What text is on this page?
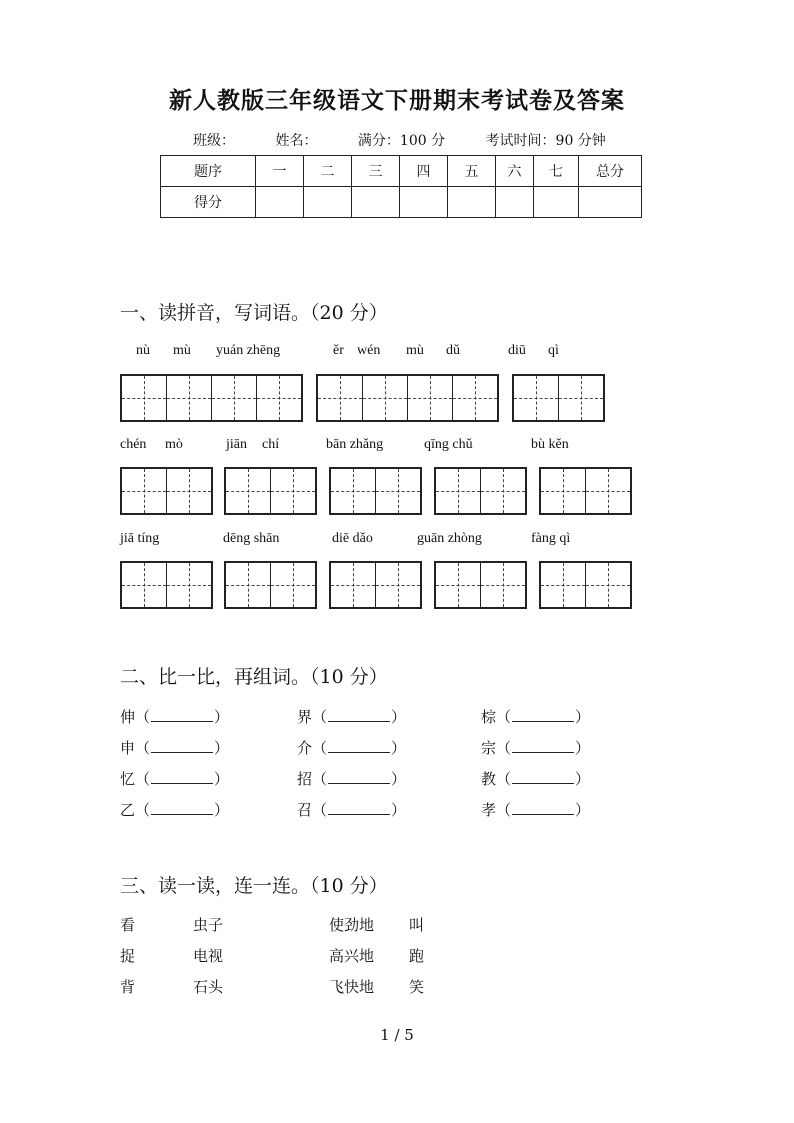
新人教版三年级语文下册期末考试卷及答案
班级：	姓名：	满分：100 分	考试时间：90 分钟
题序	一	二	三	四	五	六	七	总分
得分								
一、读拼音，写词语。（20 分）
nù mù yuán zhēng	ěr wén mù dǔ	diū qì
chén mò	jiān chí	bān zhǎng	qīng chǔ	bù kěn
jiā tíng	dēng shān	diē dǎo	guān zhòng	fàng qì
二、比一比，再组词。（10 分）
伸（	）	界（	）	棕（	）
申（	）	介（	）	宗（	）
忆（	）	招（	）	教（	）
乙（	）	召（	）	孝（	）
三、读一读，连一连。（10 分）
看	虫子	使劲地 叫
捉	电视	高兴地 跑
背	石头	飞快地 笑
1 / 5
